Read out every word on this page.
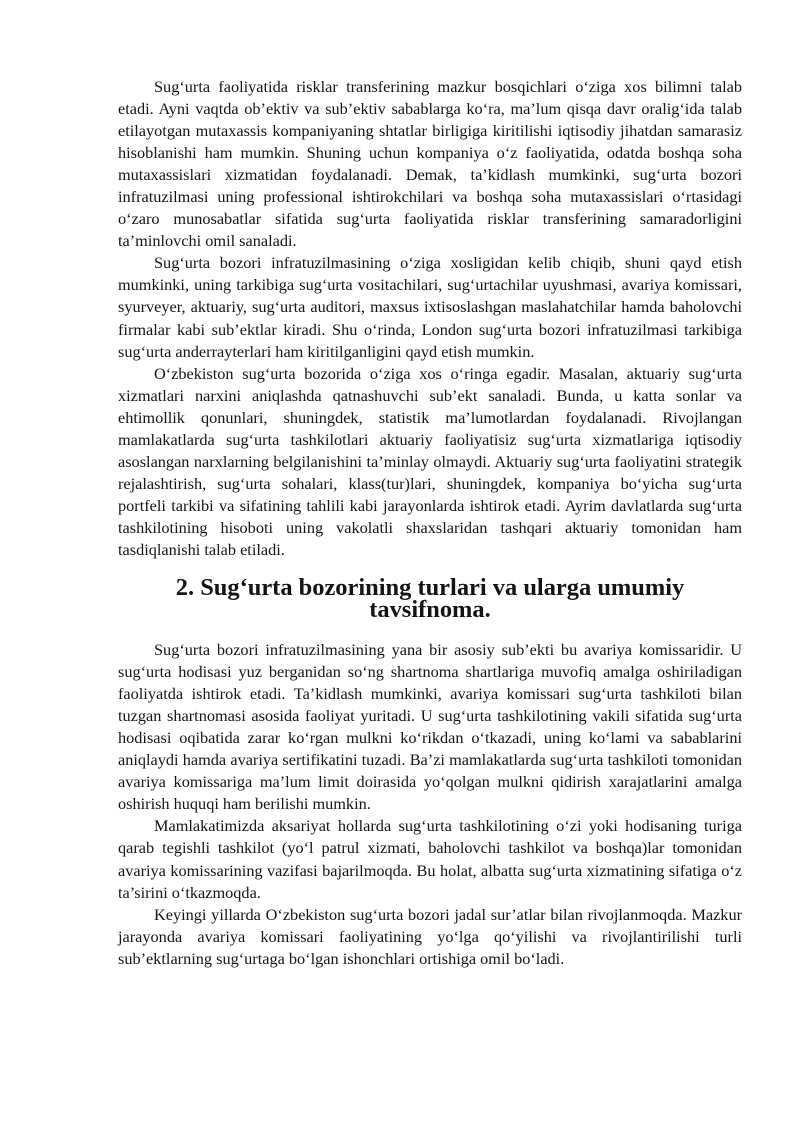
Sug‘urta faoliyatida risklar transferining mazkur bosqichlari o‘ziga xos bilimni talab etadi. Ayni vaqtda ob’ektiv va sub’ektiv sabablarga ko‘ra, ma’lum qisqa davr oralig‘ida talab etilayotgan mutaxassis kompaniyaning shtatlar birligiga kiritilishi iqtisodiy jihatdan samarasiz hisoblanishi ham mumkin. Shuning uchun kompaniya o‘z faoliyatida, odatda boshqa soha mutaxassislari xizmatidan foydalanadi. Demak, ta’kidlash mumkinki, sug‘urta bozori infratuzilmasi uning professional ishtirokchilari va boshqa soha mutaxassislari o‘rtasidagi o‘zaro munosabatlar sifatida sug‘urta faoliyatida risklar transferining samaradorligini ta’minlovchi omil sanaladi.

Sug‘urta bozori infratuzilmasining o‘ziga xosligidan kelib chiqib, shuni qayd etish mumkinki, uning tarkibiga sug‘urta vositachilari, sug‘urtachilar uyushmasi, avariya komissari, syurveyer, aktuariy, sug‘urta auditori, maxsus ixtisoslashgan maslahatchilar hamda baholovchi firmalar kabi sub’ektlar kiradi. Shu o‘rinda, London sug‘urta bozori infratuzilmasi tarkibiga sug‘urta anderrayterlari ham kiritilganligini qayd etish mumkin.

O‘zbekiston sug‘urta bozorida o‘ziga xos o‘ringa egadir. Masalan, aktuariy sug‘urta xizmatlari narxini aniqlashda qatnashuvchi sub’ekt sanaladi. Bunda, u katta sonlar va ehtimollik qonunlari, shuningdek, statistik ma’lumotlardan foydalanadi. Rivojlangan mamlakatlarda sug‘urta tashkilotlari aktuariy faoliyatisiz sug‘urta xizmatlariga iqtisodiy asoslangan narxlarning belgilanishini ta’minlay olmaydi. Aktuariy sug‘urta faoliyatini strategik rejalashtirish, sug‘urta sohalari, klass(tur)lari, shuningdek, kompaniya bo‘yicha sug‘urta portfeli tarkibi va sifatining tahlili kabi jarayonlarda ishtirok etadi. Ayrim davlatlarda sug‘urta tashkilotining hisoboti uning vakolatli shaxslaridan tashqari aktuariy tomonidan ham tasdiqlanishi talab etiladi.

2. Sug‘urta bozorining turlari va ularga umumiy tavsifnoma.

Sug‘urta bozori infratuzilmasining yana bir asosiy sub’ekti bu avariya komissaridir. U sug‘urta hodisasi yuz berganidan so‘ng shartnoma shartlariga muvofiq amalga oshiriladigan faoliyatda ishtirok etadi. Ta’kidlash mumkinki, avariya komissari sug‘urta tashkiloti bilan tuzgan shartnomasi asosida faoliyat yuritadi. U sug‘urta tashkilotining vakili sifatida sug‘urta hodisasi oqibatida zarar ko‘rgan mulkni ko‘rikdan o‘tkazadi, uning ko‘lami va sabablarini aniqlaydi hamda avariya sertifikatini tuzadi. Ba’zi mamlakatlarda sug‘urta tashkiloti tomonidan avariya komissariga ma’lum limit doirasida yo‘qolgan mulkni qidirish xarajatlarini amalga oshirish huquqi ham berilishi mumkin.

Mamlakatimizda aksariyat hollarda sug‘urta tashkilotining o‘zi yoki hodisaning turiga qarab tegishli tashkilot (yo‘l patrul xizmati, baholovchi tashkilot va boshqa)lar tomonidan avariya komissarining vazifasi bajarilmoqda. Bu holat, albatta sug‘urta xizmatining sifatiga o‘z ta’sirini o‘tkazmoqda.

Keyingi yillarda O‘zbekiston sug‘urta bozori jadal sur’atlar bilan rivojlanmoqda. Mazkur jarayonda avariya komissari faoliyatining yo‘lga qo‘yilishi va rivojlantirilishi turli sub’ektlarning sug‘urtaga bo‘lgan ishonchlari ortishiga omil bo‘ladi.
